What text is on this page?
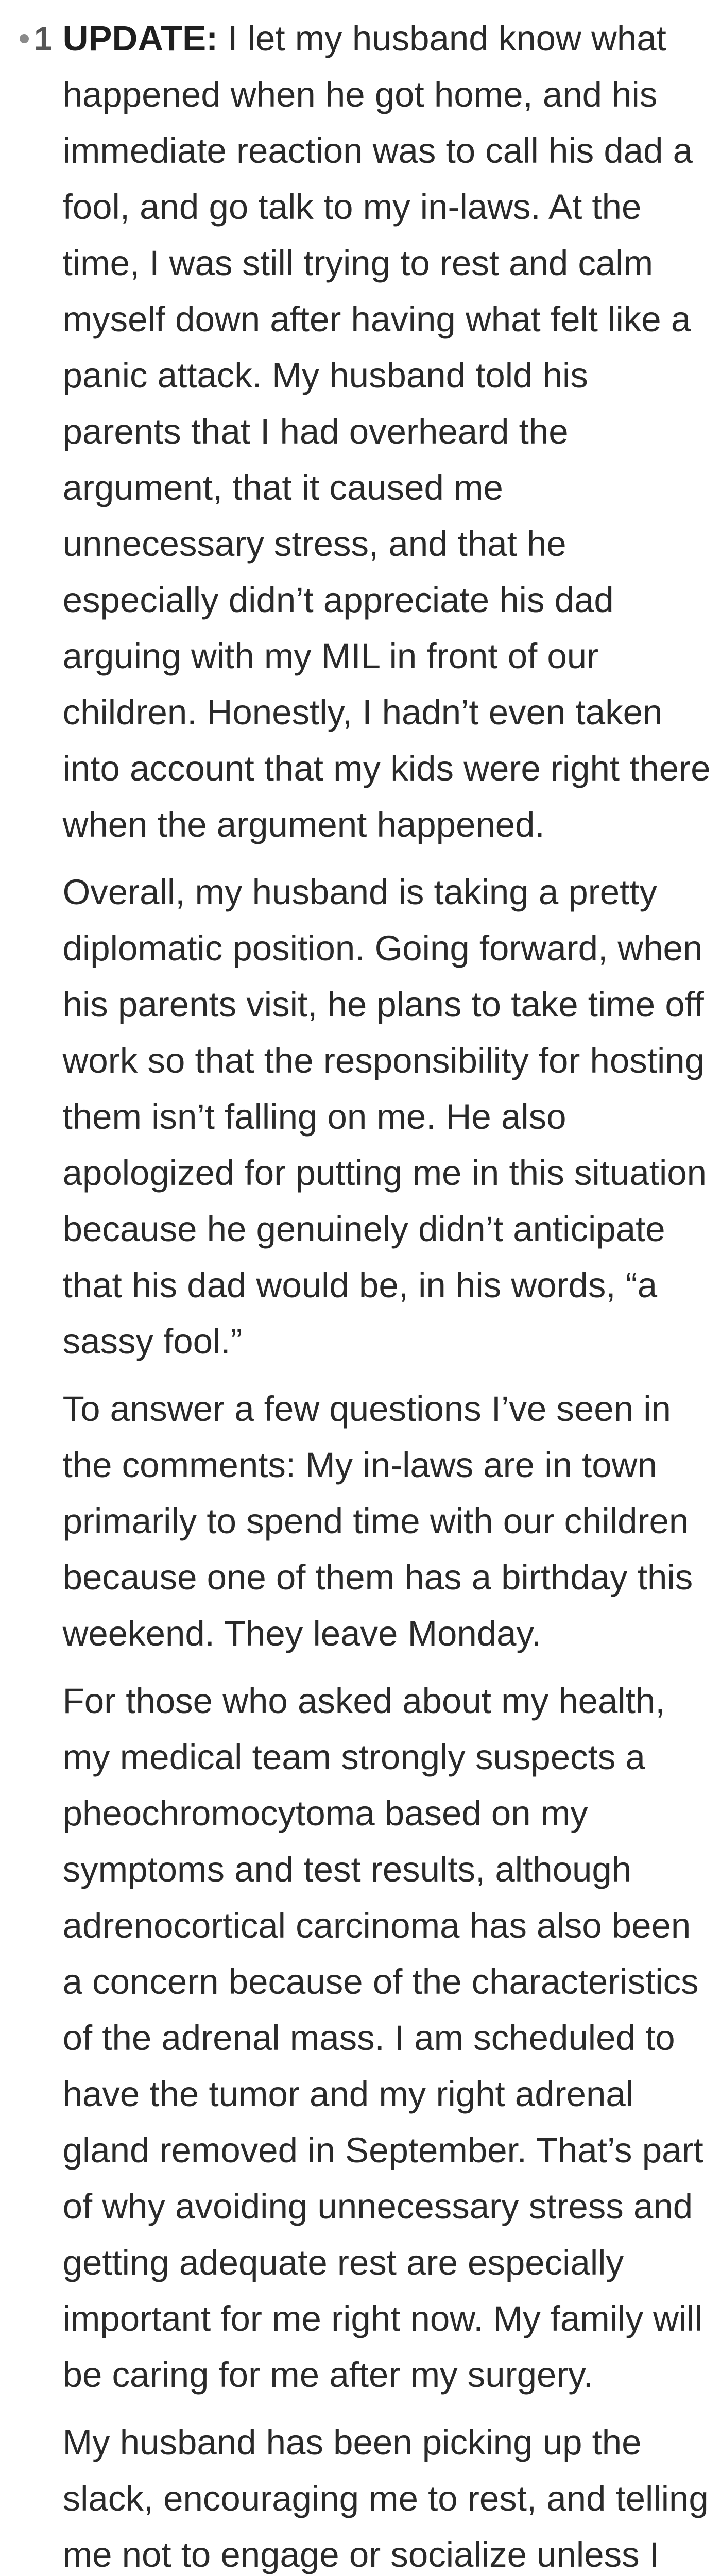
1 UPDATE: I let my husband know what happened when he got home, and his immediate reaction was to call his dad a fool, and go talk to my in-laws. At the time, I was still trying to rest and calm myself down after having what felt like a panic attack. My husband told his parents that I had overheard the argument, that it caused me unnecessary stress, and that he especially didn’t appreciate his dad arguing with my MIL in front of our children. Honestly, I hadn’t even taken into account that my kids were right there when the argument happened.

Overall, my husband is taking a pretty diplomatic position. Going forward, when his parents visit, he plans to take time off work so that the responsibility for hosting them isn’t falling on me. He also apologized for putting me in this situation because he genuinely didn’t anticipate that his dad would be, in his words, “a sassy fool.”

To answer a few questions I’ve seen in the comments: My in-laws are in town primarily to spend time with our children because one of them has a birthday this weekend. They leave Monday.

For those who asked about my health, my medical team strongly suspects a pheochromocytoma based on my symptoms and test results, although adrenocortical carcinoma has also been a concern because of the characteristics of the adrenal mass. I am scheduled to have the tumor and my right adrenal gland removed in September. That’s part of why avoiding unnecessary stress and getting adequate rest are especially important for me right now. My family will be caring for me after my surgery.

My husband has been picking up the slack, encouraging me to rest, and telling me not to engage or socialize unless I
